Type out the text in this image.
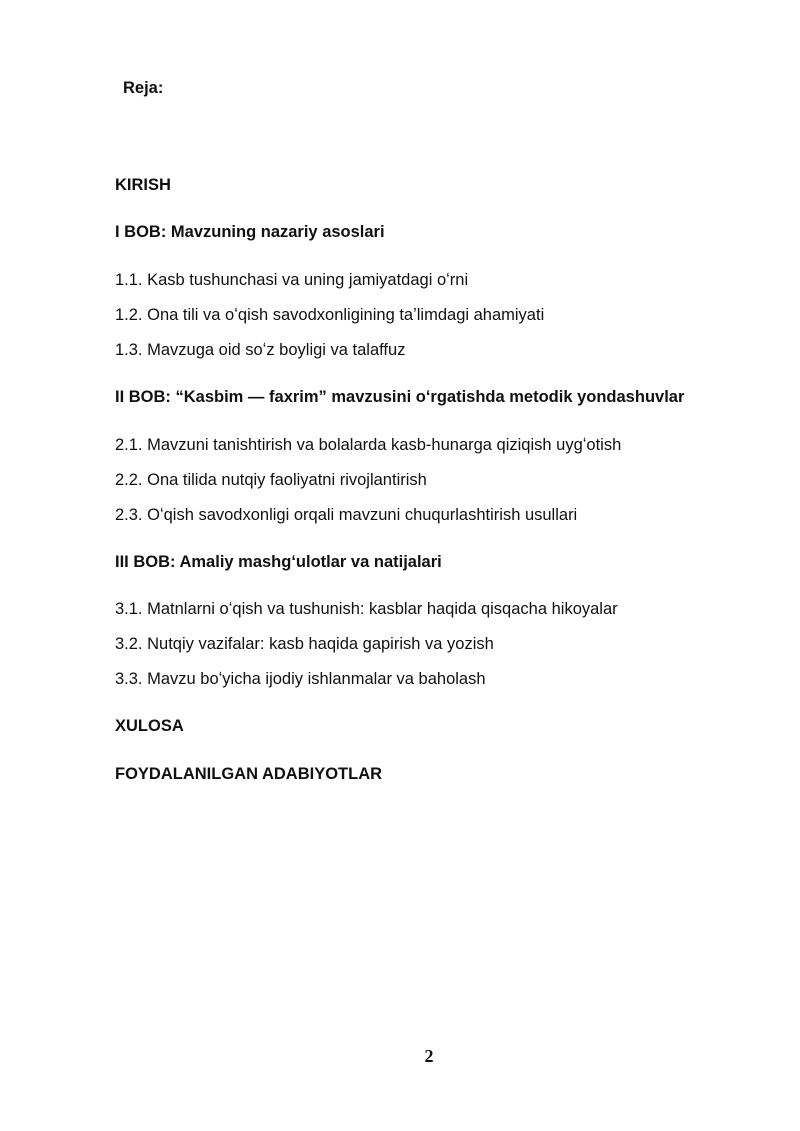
Reja:
KIRISH
I BOB: Mavzuning nazariy asoslari
1.1. Kasb tushunchasi va uning jamiyatdagi oʻrni
1.2. Ona tili va oʻqish savodxonligining taʼlimdagi ahamiyati
1.3. Mavzuga oid soʻz boyligi va talaffuz
II BOB: “Kasbim — faxrim” mavzusini oʻrgatishda metodik yondashuvlar
2.1. Mavzuni tanishtirish va bolalarda kasb-hunarga qiziqish uygʻotish
2.2. Ona tilida nutqiy faoliyatni rivojlantirish
2.3. Oʻqish savodxonligi orqali mavzuni chuqurlashtirish usullari
III BOB: Amaliy mashgʻulotlar va natijalari
3.1. Matnlarni oʻqish va tushunish: kasblar haqida qisqacha hikoyalar
3.2. Nutqiy vazifalar: kasb haqida gapirish va yozish
3.3. Mavzu boʻyicha ijodiy ishlanmalar va baholash
XULOSA
FOYDALANILGAN ADABIYOTLAR
2
